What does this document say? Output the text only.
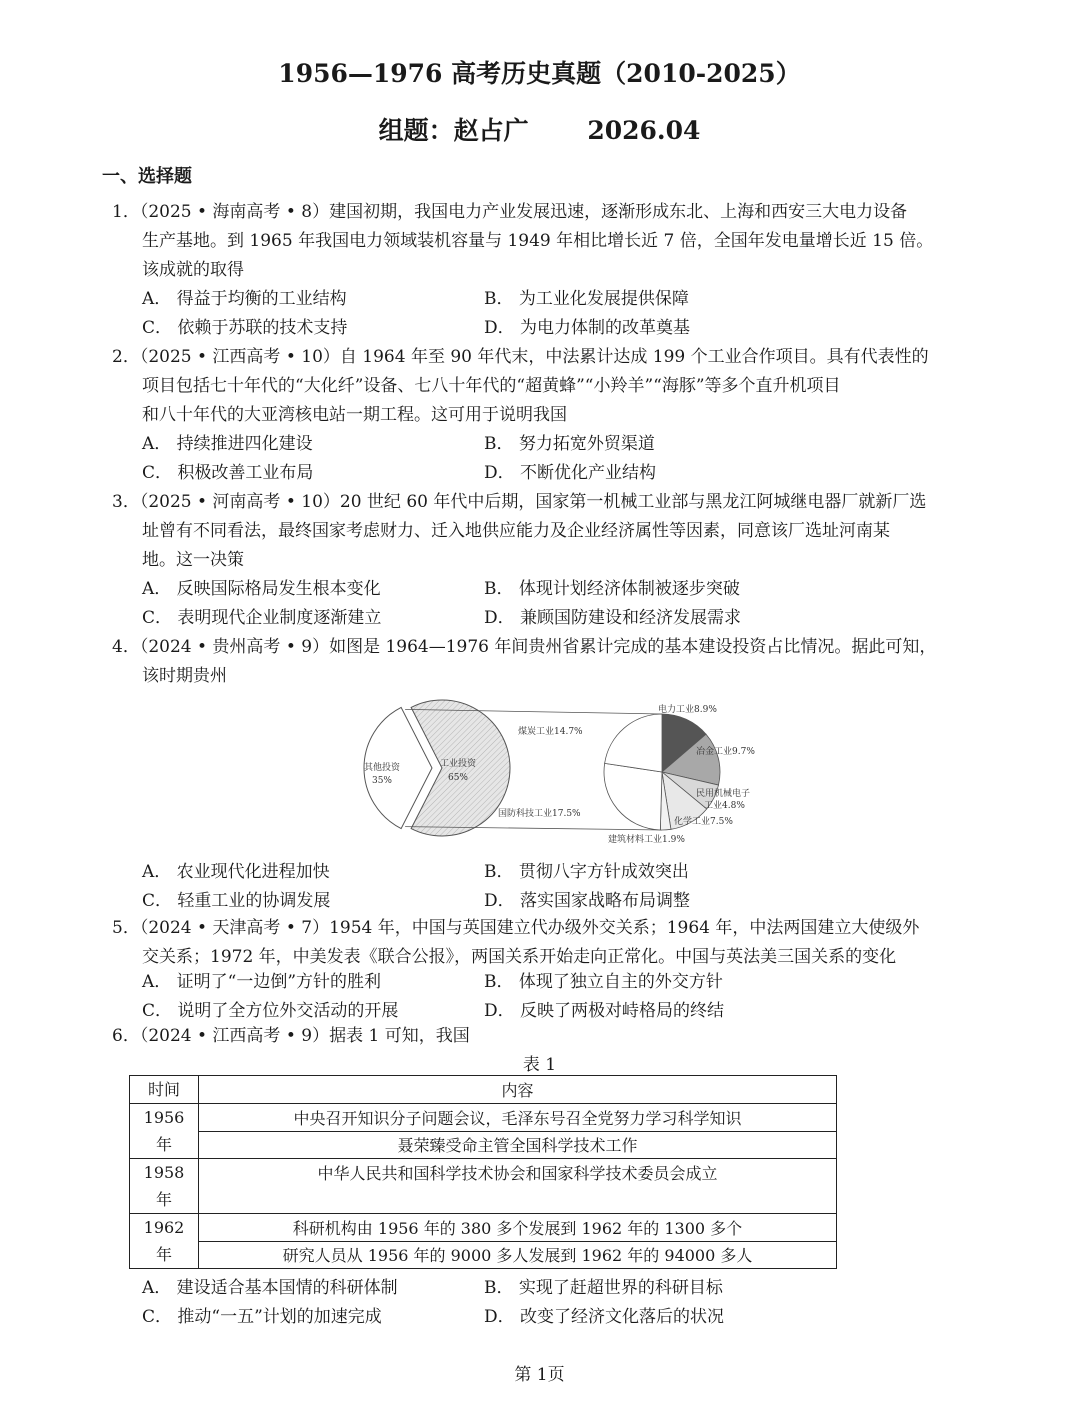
1956—1976 高考历史真题（2010-2025）
组题：赵占广 　　2026.04
一、选择题
1．（2025 • 海南高考 • 8）建国初期，我国电力产业发展迅速，逐渐形成东北、上海和西安三大电力设备
生产基地。到 1965 年我国电力领域装机容量与 1949 年相比增长近 7 倍，全国年发电量增长近 15 倍。
该成就的取得
A． 得益于均衡的工业结构	B． 为工业化发展提供保障
C． 依赖于苏联的技术支持	D． 为电力体制的改革奠基
2．（2025 • 江西高考 • 10）自 1964 年至 90 年代末，中法累计达成 199 个工业合作项目。具有代表性的
项目包括七十年代的“大化纤”设备、七八十年代的“超黄蜂”“小羚羊”“海豚”等多个直升机项目
和八十年代的大亚湾核电站一期工程。这可用于说明我国
A． 持续推进四化建设	B． 努力拓宽外贸渠道
C． 积极改善工业布局	D． 不断优化产业结构
3．（2025 • 河南高考 • 10）20 世纪 60 年代中后期，国家第一机械工业部与黑龙江阿城继电器厂就新厂选
址曾有不同看法，最终国家考虑财力、迁入地供应能力及企业经济属性等因素，同意该厂选址河南某
地。这一决策
A． 反映国际格局发生根本变化	B． 体现计划经济体制被逐步突破
C． 表明现代企业制度逐渐建立	D． 兼顾国防建设和经济发展需求
4．（2024 • 贵州高考 • 9）如图是 1964—1976 年间贵州省累计完成的基本建设投资占比情况。据此可知，
该时期贵州
其他投资
35%
工业投资
65%
电力工业8.9%
冶金工业9.7%
民用机械电子
工业4.8%
化学工业7.5%
建筑材料工业1.9%
国防科技工业17.5%
煤炭工业14.7%
A． 农业现代化进程加快	B． 贯彻八字方针成效突出
C． 轻重工业的协调发展	D． 落实国家战略布局调整
5．（2024 • 天津高考 • 7）1954 年，中国与英国建立代办级外交关系；1964 年，中法两国建立大使级外
交关系；1972 年，中美发表《联合公报》，两国关系开始走向正常化。中国与英法美三国关系的变化
A． 证明了“一边倒”方针的胜利	B． 体现了独立自主的外交方针
C． 说明了全方位外交活动的开展	D． 反映了两极对峙格局的终结
6．（2024 • 江西高考 • 9）据表 1 可知，我国
表 1
时间	内容
1956
年	中央召开知识分子问题会议，毛泽东号召全党努力学习科学知识
	聂荣臻受命主管全国科学技术工作
1958
年	中华人民共和国科学技术协会和国家科学技术委员会成立

1962
年	科研机构由 1956 年的 380 多个发展到 1962 年的 1300 多个
	研究人员从 1956 年的 9000 多人发展到 1962 年的 94000 多人
A． 建设适合基本国情的科研体制	B． 实现了赶超世界的科研目标
C． 推动“一五”计划的加速完成	D． 改变了经济文化落后的状况
第 1页
